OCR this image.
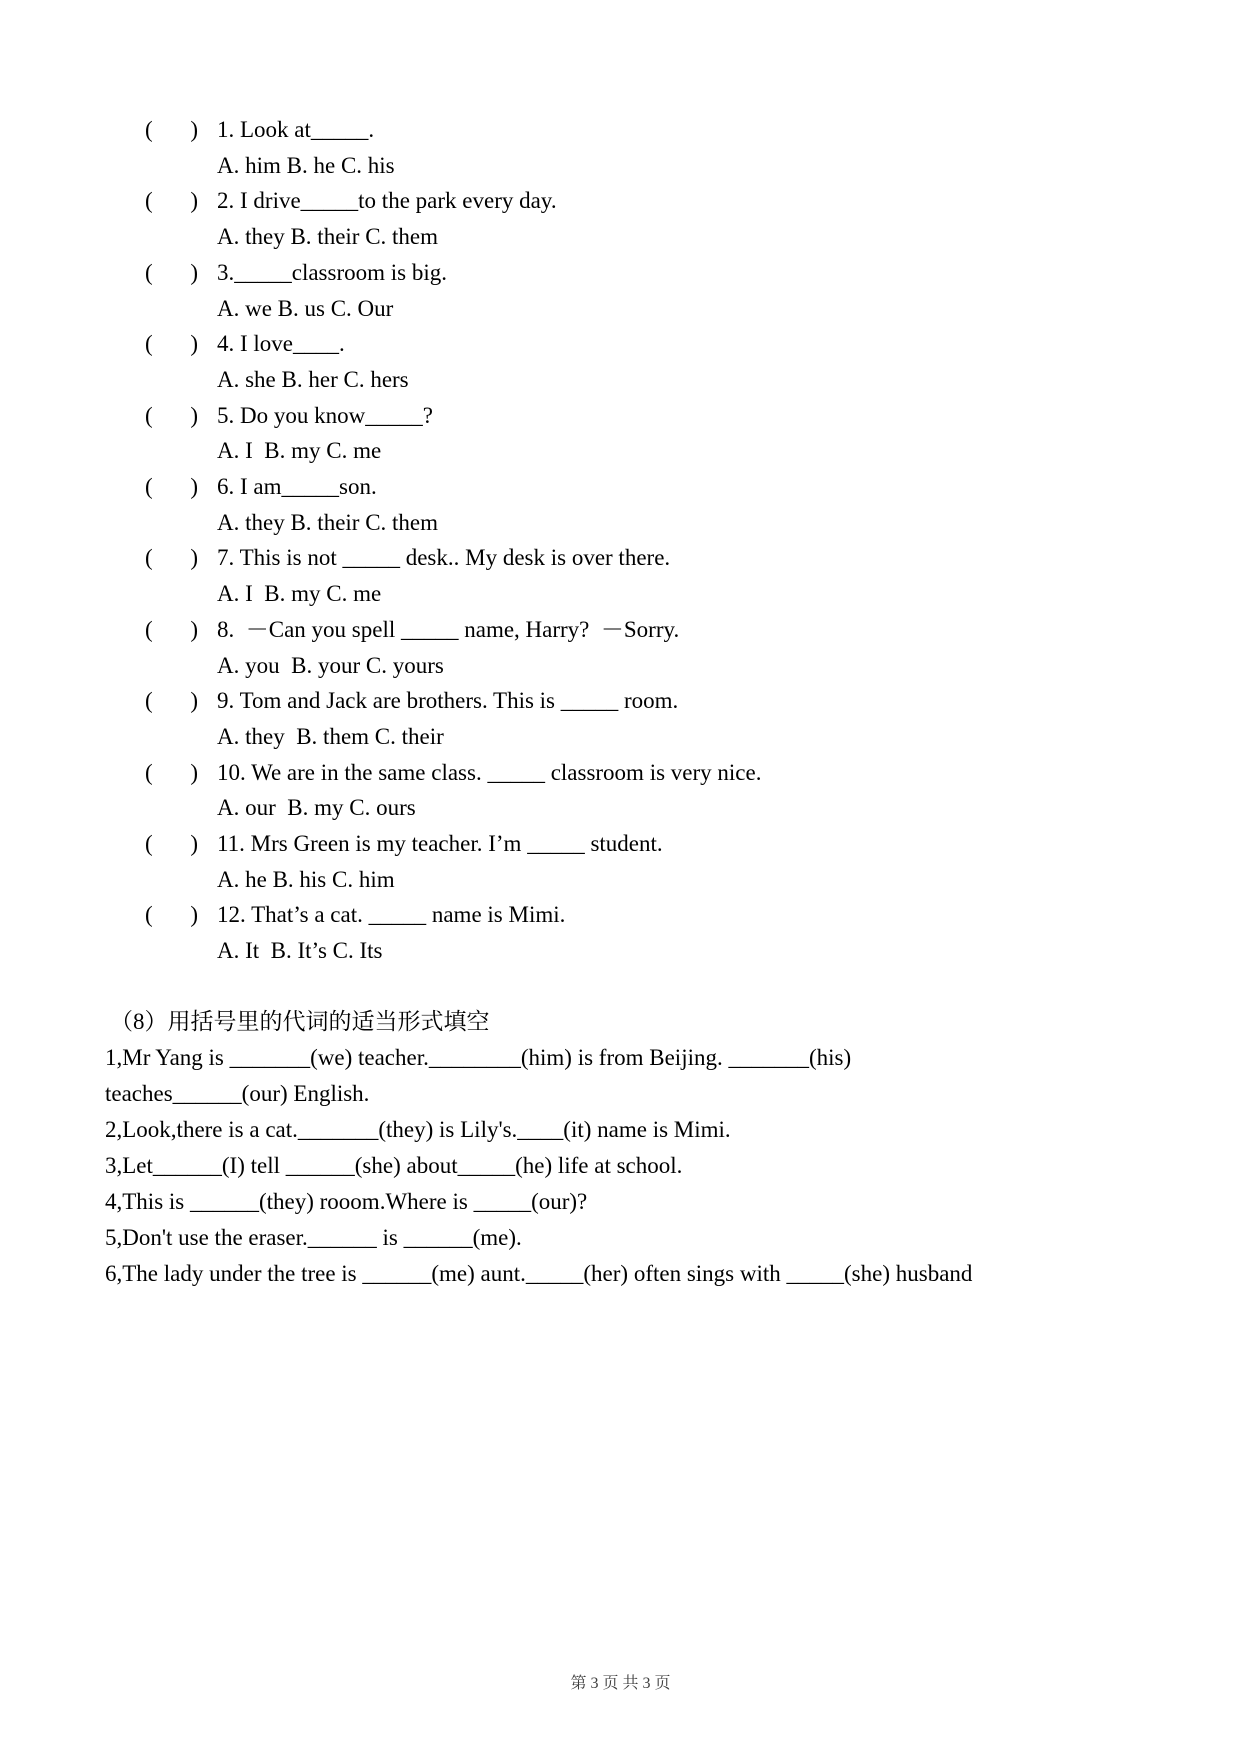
( ) 1. Look at_____.
A. him B. he C. his
( ) 2. I drive_____to the park every day.
A. they B. their C. them
( ) 3._____classroom is big.
A. we B. us C. Our
( ) 4. I love____.
A. she B. her C. hers
( ) 5. Do you know_____?
A. I  B. my C. me
( ) 6. I am_____son.
A. they B. their C. them
( ) 7. This is not _____ desk.. My desk is over there.
A. I  B. my C. me
( ) 8.  －Can you spell _____ name, Harry?  －Sorry.
A. you  B. your C. yours
( ) 9. Tom and Jack are brothers. This is _____ room.
A. they  B. them C. their
( ) 10. We are in the same class. _____ classroom is very nice.
A. our  B. my C. ours
( ) 11. Mrs Green is my teacher. I’m _____ student.
A. he B. his C. him
( ) 12. That’s a cat. _____ name is Mimi.
A. It  B. It’s C. Its
（8）用括号里的代词的适当形式填空
1,Mr Yang is _______(we) teacher.________(him) is from Beijing. _______(his)
teaches______(our) English.
2,Look,there is a cat._______(they) is Lily's.____(it) name is Mimi.
3,Let______(I) tell ______(she) about_____(he) life at school.
4,This is ______(they) rooom.Where is _____(our)?
5,Don't use the eraser.______ is ______(me).
6,The lady under the tree is ______(me) aunt._____(her) often sings with _____(she) husband
第 3 页 共 3 页
